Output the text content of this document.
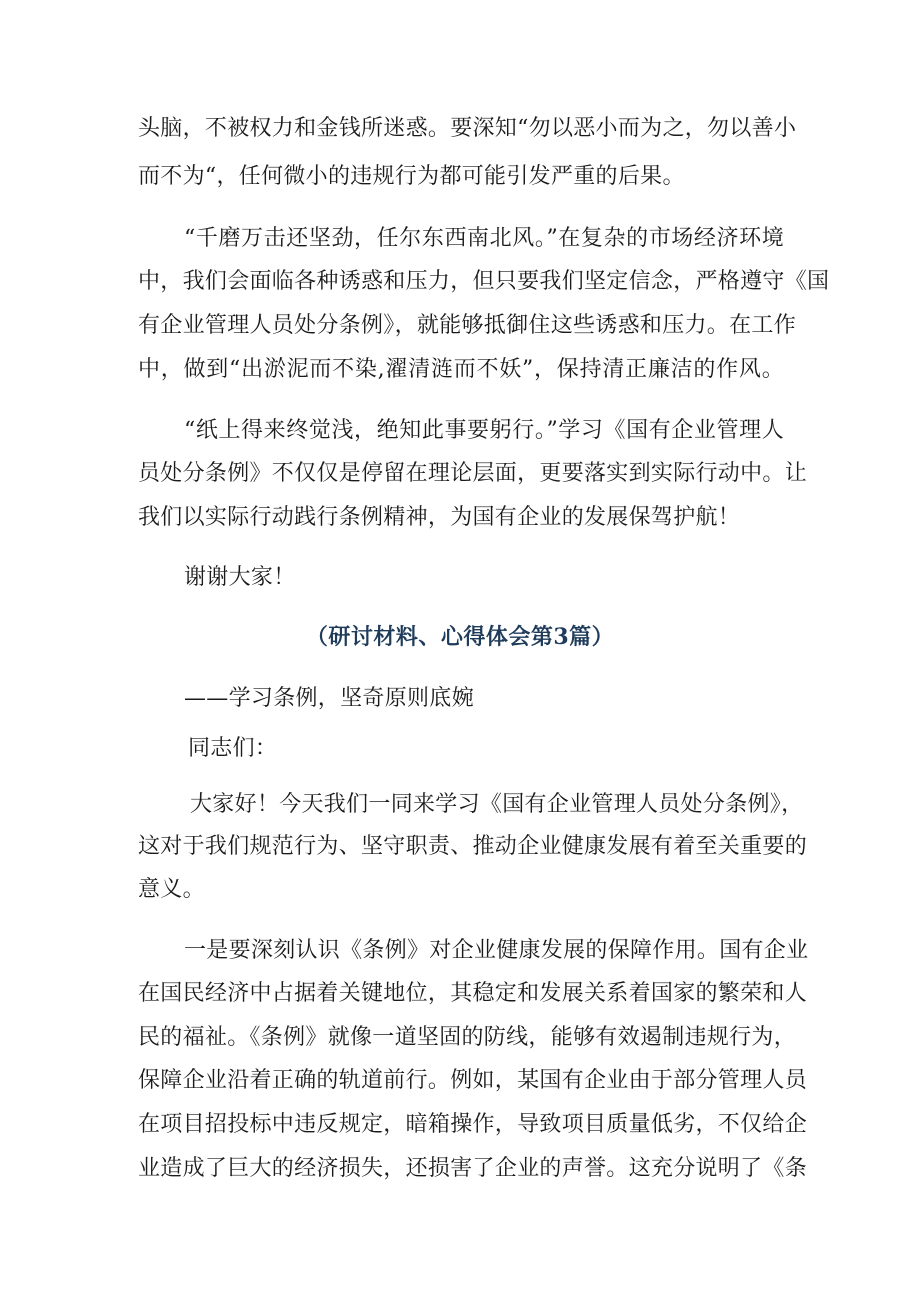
头脑，不被权力和金钱所迷惑。要深知“勿以恶小而为之，勿以善小
而不为“，任何微小的违规行为都可能引发严重的后果。
“千磨万击还坚劲，任尔东西南北风。”在复杂的市场经济环境
中，我们会面临各种诱惑和压力，但只要我们坚定信念，严格遵守《国
有企业管理人员处分条例》，就能够抵御住这些诱惑和压力。在工作
中，做到“出淤泥而不染,濯清涟而不妖”，保持清正廉洁的作风。
“纸上得来终觉浅，绝知此事要躬行。”学习《国有企业管理人
员处分条例》不仅仅是停留在理论层面，更要落实到实际行动中。让
我们以实际行动践行条例精神，为国有企业的发展保驾护航！
谢谢大家！
（研讨材料、心得体会第3篇）
——学习条例，坚奇原则底婉
同志们：
大家好！今天我们一同来学习《国有企业管理人员处分条例》，
这对于我们规范行为、坚守职责、推动企业健康发展有着至关重要的
意义。
一是要深刻认识《条例》对企业健康发展的保障作用。国有企业
在国民经济中占据着关键地位，其稳定和发展关系着国家的繁荣和人
民的福祉。《条例》就像一道坚固的防线，能够有效遏制违规行为，
保障企业沿着正确的轨道前行。例如，某国有企业由于部分管理人员
在项目招投标中违反规定，暗箱操作，导致项目质量低劣，不仅给企
业造成了巨大的经济损失，还损害了企业的声誉。这充分说明了《条
